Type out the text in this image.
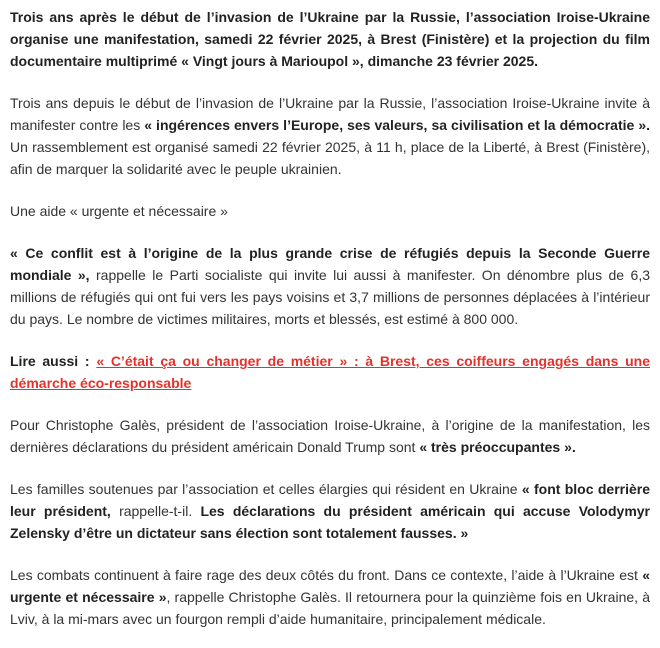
Trois ans après le début de l’invasion de l’Ukraine par la Russie, l’association Iroise-Ukraine organise une manifestation, samedi 22 février 2025, à Brest (Finistère) et la projection du film documentaire multiprimé « Vingt jours à Marioupol », dimanche 23 février 2025.

Trois ans depuis le début de l’invasion de l’Ukraine par la Russie, l’association Iroise-Ukraine invite à manifester contre les « ingérences envers l’Europe, ses valeurs, sa civilisation et la démocratie ». Un rassemblement est organisé samedi 22 février 2025, à 11 h, place de la Liberté, à Brest (Finistère), afin de marquer la solidarité avec le peuple ukrainien.

Une aide « urgente et nécessaire »

« Ce conflit est à l’origine de la plus grande crise de réfugiés depuis la Seconde Guerre mondiale », rappelle le Parti socialiste qui invite lui aussi à manifester. On dénombre plus de 6,3 millions de réfugiés qui ont fui vers les pays voisins et 3,7 millions de personnes déplacées à l’intérieur du pays. Le nombre de victimes militaires, morts et blessés, est estimé à 800 000.

Lire aussi : « C’était ça ou changer de métier » : à Brest, ces coiffeurs engagés dans une démarche éco-responsable

Pour Christophe Galès, président de l’association Iroise-Ukraine, à l’origine de la manifestation, les dernières déclarations du président américain Donald Trump sont « très préoccupantes ».

Les familles soutenues par l’association et celles élargies qui résident en Ukraine « font bloc derrière leur président, rappelle-t-il. Les déclarations du président américain qui accuse Volodymyr Zelensky d’être un dictateur sans élection sont totalement fausses. »

Les combats continuent à faire rage des deux côtés du front. Dans ce contexte, l’aide à l’Ukraine est « urgente et nécessaire », rappelle Christophe Galès. Il retournera pour la quinzième fois en Ukraine, à Lviv, à la mi-mars avec un fourgon rempli d’aide humanitaire, principalement médicale.
